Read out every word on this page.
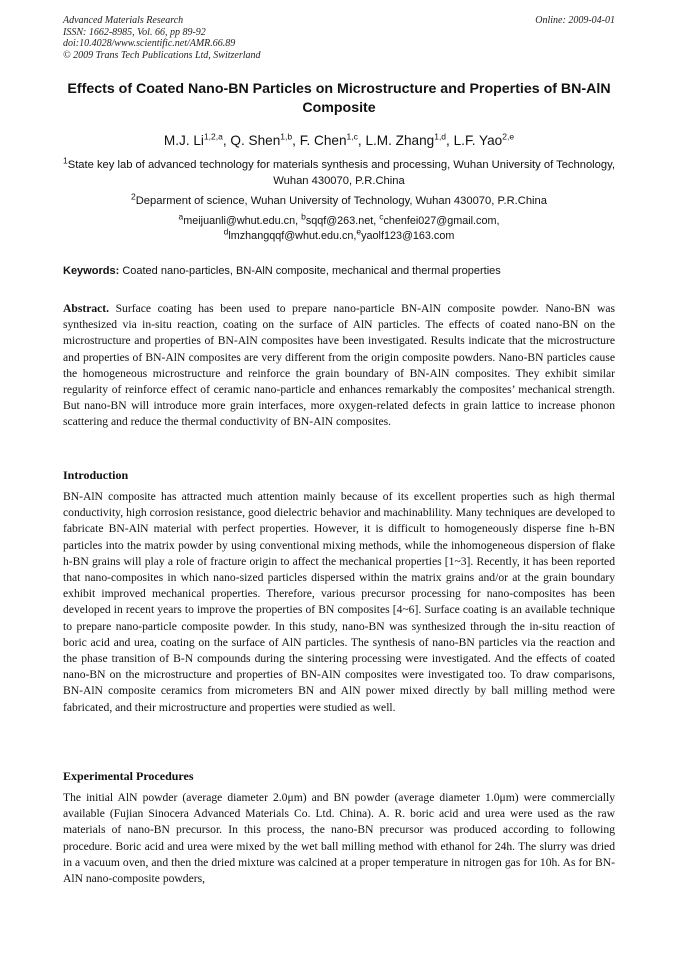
Advanced Materials Research
ISSN: 1662-8985, Vol. 66, pp 89-92
doi:10.4028/www.scientific.net/AMR.66.89
© 2009 Trans Tech Publications Ltd, Switzerland
Online: 2009-04-01
Effects of Coated Nano-BN Particles on Microstructure and Properties of BN-AlN Composite
M.J. Li$^{1,2,a}$, Q. Shen$^{1,b}$, F. Chen$^{1,c}$, L.M. Zhang$^{1,d}$, L.F. Yao$^{2,e}$
$^1$State key lab of advanced technology for materials synthesis and processing, Wuhan University of Technology, Wuhan 430070, P.R.China
$^2$Deparment of science, Wuhan University of Technology, Wuhan 430070, P.R.China
$^a$meijuanli@whut.edu.cn, $^b$sqqf@263.net, $^c$chenfei027@gmail.com,
$^d$lmzhangqqf@whut.edu.cn,$^e$yaolf123@163.com
Keywords: Coated nano-particles, BN-AlN composite, mechanical and thermal properties
Abstract. Surface coating has been used to prepare nano-particle BN-AlN composite powder. Nano-BN was synthesized via in-situ reaction, coating on the surface of AlN particles. The effects of coated nano-BN on the microstructure and properties of BN-AlN composites have been investigated. Results indicate that the microstructure and properties of BN-AlN composites are very different from the origin composite powders. Nano-BN particles cause the homogeneous microstructure and reinforce the grain boundary of BN-AlN composites. They exhibit similar regularity of reinforce effect of ceramic nano-particle and enhances remarkably the composites’ mechanical strength. But nano-BN will introduce more grain interfaces, more oxygen-related defects in grain lattice to increase phonon scattering and reduce the thermal conductivity of BN-AlN composites.
Introduction
BN-AlN composite has attracted much attention mainly because of its excellent properties such as high thermal conductivity, high corrosion resistance, good dielectric behavior and machinablility. Many techniques are developed to fabricate BN-AlN material with perfect properties. However, it is difficult to homogeneously disperse fine h-BN particles into the matrix powder by using conventional mixing methods, while the inhomogeneous dispersion of flake h-BN grains will play a role of fracture origin to affect the mechanical properties [1~3]. Recently, it has been reported that nano-composites in which nano-sized particles dispersed within the matrix grains and/or at the grain boundary exhibit improved mechanical properties. Therefore, various precursor processing for nano-composites has been developed in recent years to improve the properties of BN composites [4~6]. Surface coating is an available technique to prepare nano-particle composite powder. In this study, nano-BN was synthesized through the in-situ reaction of boric acid and urea, coating on the surface of AlN particles. The synthesis of nano-BN particles via the reaction and the phase transition of B-N compounds during the sintering processing were investigated. And the effects of coated nano-BN on the microstructure and properties of BN-AlN composites were investigated too. To draw comparisons, BN-AlN composite ceramics from micrometers BN and AlN power mixed directly by ball milling method were fabricated, and their microstructure and properties were studied as well.
Experimental Procedures
The initial AlN powder (average diameter 2.0μm) and BN powder (average diameter 1.0μm) were commercially available (Fujian Sinocera Advanced Materials Co. Ltd. China). A. R. boric acid and urea were used as the raw materials of nano-BN precursor. In this process, the nano-BN precursor was produced according to following procedure. Boric acid and urea were mixed by the wet ball milling method with ethanol for 24h. The slurry was dried in a vacuum oven, and then the dried mixture was calcined at a proper temperature in nitrogen gas for 10h. As for BN-AlN nano-composite powders,
